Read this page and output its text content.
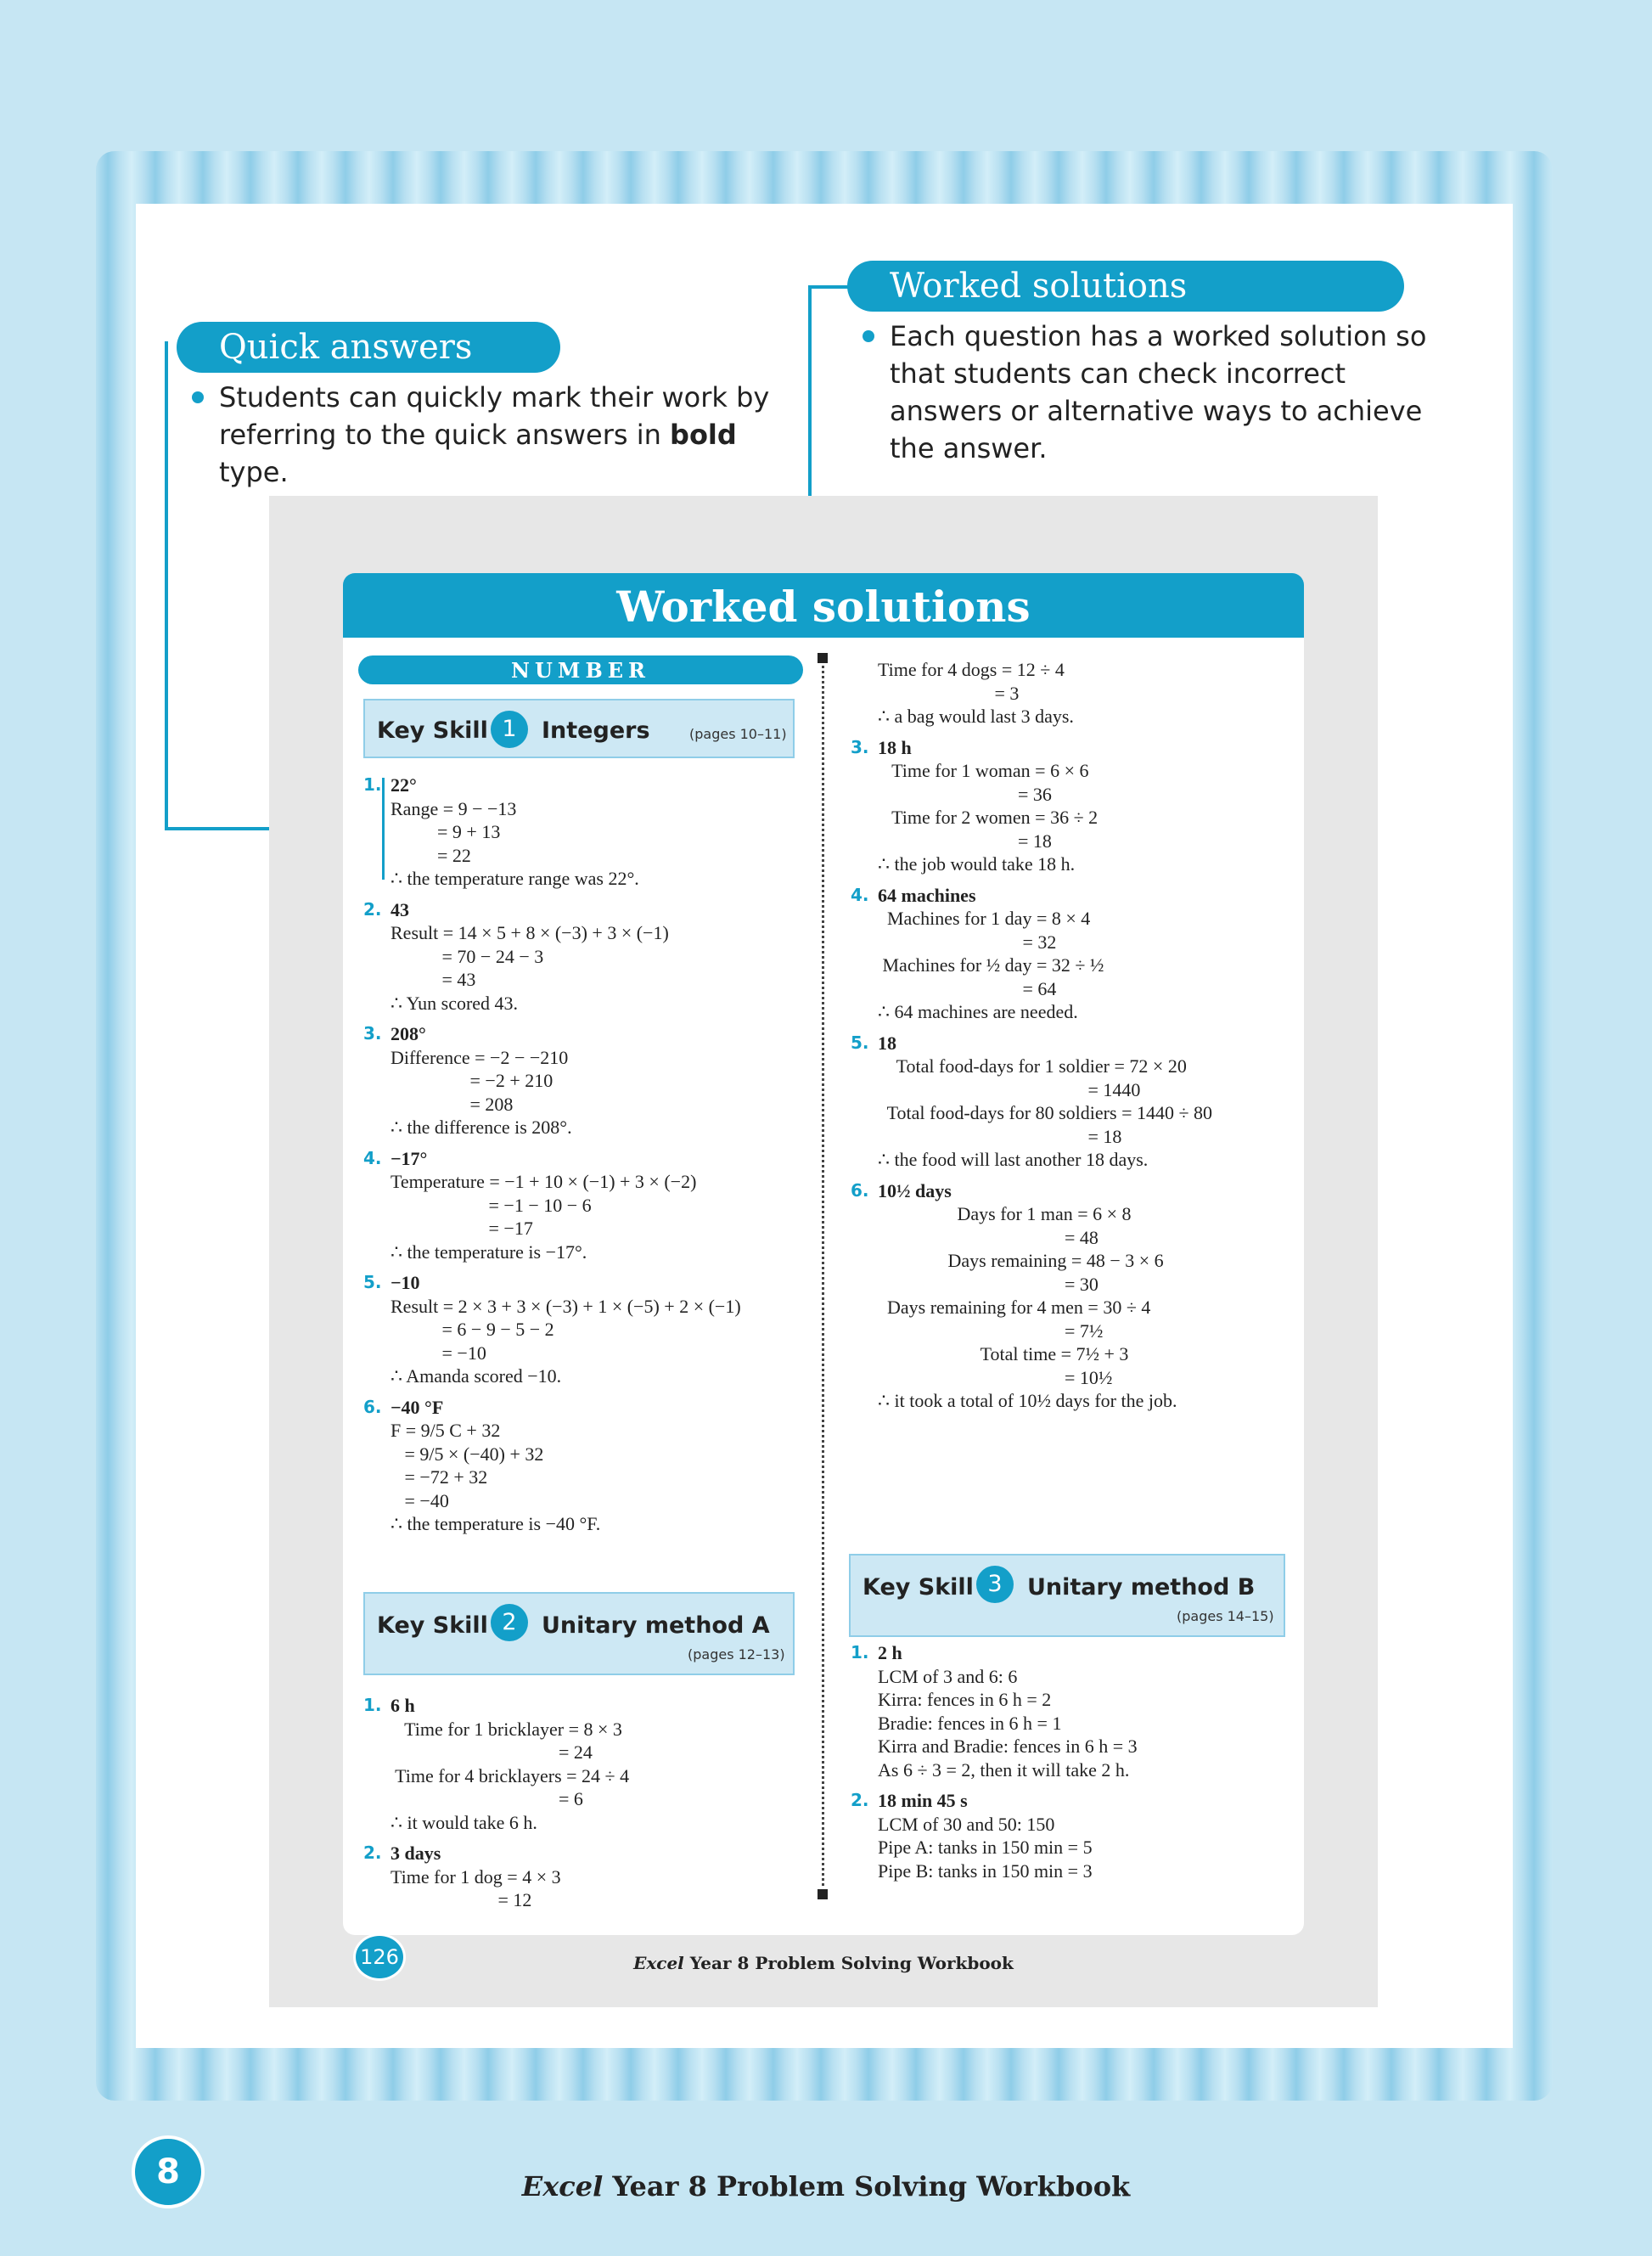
Quick answers
Students can quickly mark their work by referring to the quick answers in bold type.
Worked solutions
Each question has a worked solution so that students can check incorrect answers or alternative ways to achieve the answer.
Worked solutions
NUMBER
Key Skill 1	Integers	(pages 10–11)
1. 22°
Range = 9 − −13
= 9 + 13
= 22
∴ the temperature range was 22°.
2. 43
Result = 14 × 5 + 8 × (−3) + 3 × (−1)
= 70 − 24 − 3
= 43
∴ Yun scored 43.
3. 208°
Difference = −2 − −210
= −2 + 210
= 208
∴ the difference is 208°.
4. −17°
Temperature = −1 + 10 × (−1) + 3 × (−2)
= −1 − 10 − 6
= −17
∴ the temperature is −17°.
5. −10
Result = 2 × 3 + 3 × (−3) + 1 × (−5) + 2 × (−1)
= 6 − 9 − 5 − 2
= −10
∴ Amanda scored −10.
6. −40 °F
F = 9/5 C + 32
= 9/5 × (−40) + 32
= −72 + 32
= −40
∴ the temperature is −40 °F.
Key Skill 2	Unitary method A
(pages 12–13)
1. 6 h
Time for 1 bricklayer = 8 × 3
= 24
Time for 4 bricklayers = 24 ÷ 4
= 6
∴ it would take 6 h.
2. 3 days
Time for 1 dog = 4 × 3
= 12
Time for 4 dogs = 12 ÷ 4
= 3
∴ a bag would last 3 days.
3. 18 h
Time for 1 woman = 6 × 6
= 36
Time for 2 women = 36 ÷ 2
= 18
∴ the job would take 18 h.
4. 64 machines
Machines for 1 day = 8 × 4
= 32
Machines for ½ day = 32 ÷ ½
= 64
∴ 64 machines are needed.
5. 18
Total food-days for 1 soldier = 72 × 20
= 1440
Total food-days for 80 soldiers = 1440 ÷ 80
= 18
∴ the food will last another 18 days.
6. 10½ days
Days for 1 man = 6 × 8
= 48
Days remaining = 48 − 3 × 6
= 30
Days remaining for 4 men = 30 ÷ 4
= 7½
Total time = 7½ + 3
= 10½
∴ it took a total of 10½ days for the job.
Key Skill 3	Unitary method B
(pages 14–15)
1. 2 h
LCM of 3 and 6: 6
Kirra: fences in 6 h = 2
Bradie: fences in 6 h = 1
Kirra and Bradie: fences in 6 h = 3
As 6 ÷ 3 = 2, then it will take 2 h.
2. 18 min 45 s
LCM of 30 and 50: 150
Pipe A: tanks in 150 min = 5
Pipe B: tanks in 150 min = 3
126	Excel Year 8 Problem Solving Workbook
8	Excel Year 8 Problem Solving Workbook
